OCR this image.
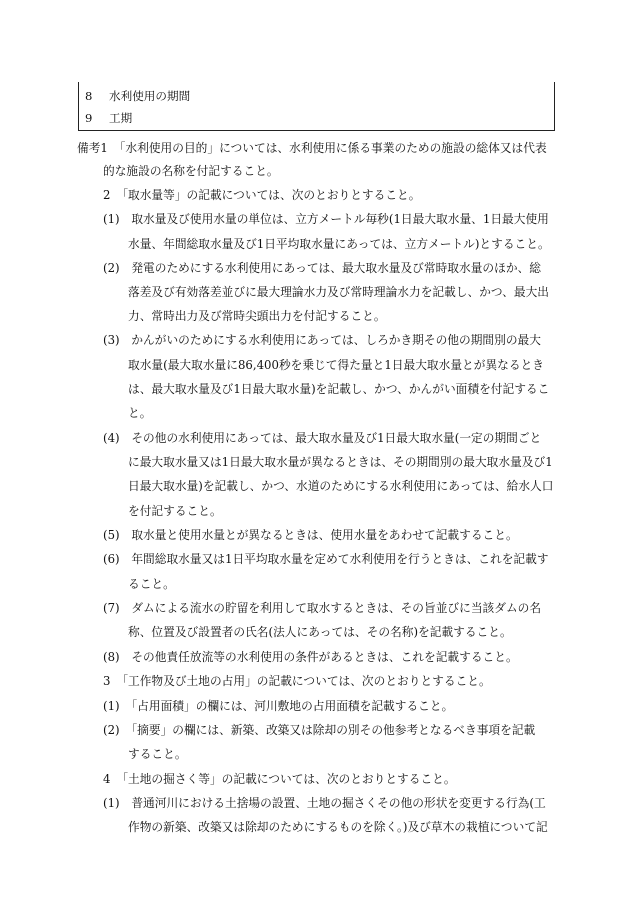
8 水利使用の期間
9 工期
備考1　「水利使用の目的」については、水利使用に係る事業のための施設の総体又は代表
的な施設の名称を付記すること。
2　「取水量等」の記載については、次のとおりとすること。
(1)　取水量及び使用水量の単位は、立方メートル毎秒(1日最大取水量、1日最大使用
水量、年間総取水量及び1日平均取水量にあっては、立方メートル)とすること。
(2)　発電のためにする水利使用にあっては、最大取水量及び常時取水量のほか、総
落差及び有効落差並びに最大理論水力及び常時理論水力を記載し、かつ、最大出
力、常時出力及び常時尖頭出力を付記すること。
(3)　かんがいのためにする水利使用にあっては、しろかき期その他の期間別の最大
取水量(最大取水量に86,400秒を乗じて得た量と1日最大取水量とが異なるとき
は、最大取水量及び1日最大取水量)を記載し、かつ、かんがい面積を付記するこ
と。
(4)　その他の水利使用にあっては、最大取水量及び1日最大取水量(一定の期間ごと
に最大取水量又は1日最大取水量が異なるときは、その期間別の最大取水量及び1
日最大取水量)を記載し、かつ、水道のためにする水利使用にあっては、給水人口
を付記すること。
(5)　取水量と使用水量とが異なるときは、使用水量をあわせて記載すること。
(6)　年間総取水量又は1日平均取水量を定めて水利使用を行うときは、これを記載す
ること。
(7)　ダムによる流水の貯留を利用して取水するときは、その旨並びに当該ダムの名
称、位置及び設置者の氏名(法人にあっては、その名称)を記載すること。
(8)　その他責任放流等の水利使用の条件があるときは、これを記載すること。
3　「工作物及び土地の占用」の記載については、次のとおりとすること。
(1)　「占用面積」の欄には、河川敷地の占用面積を記載すること。
(2)　「摘要」の欄には、新築、改築又は除却の別その他参考となるべき事項を記載
すること。
4　「土地の掘さく等」の記載については、次のとおりとすること。
(1)　普通河川における土捨場の設置、土地の掘さくその他の形状を変更する行為(工
作物の新築、改築又は除却のためにするものを除く。)及び草木の栽植について記
